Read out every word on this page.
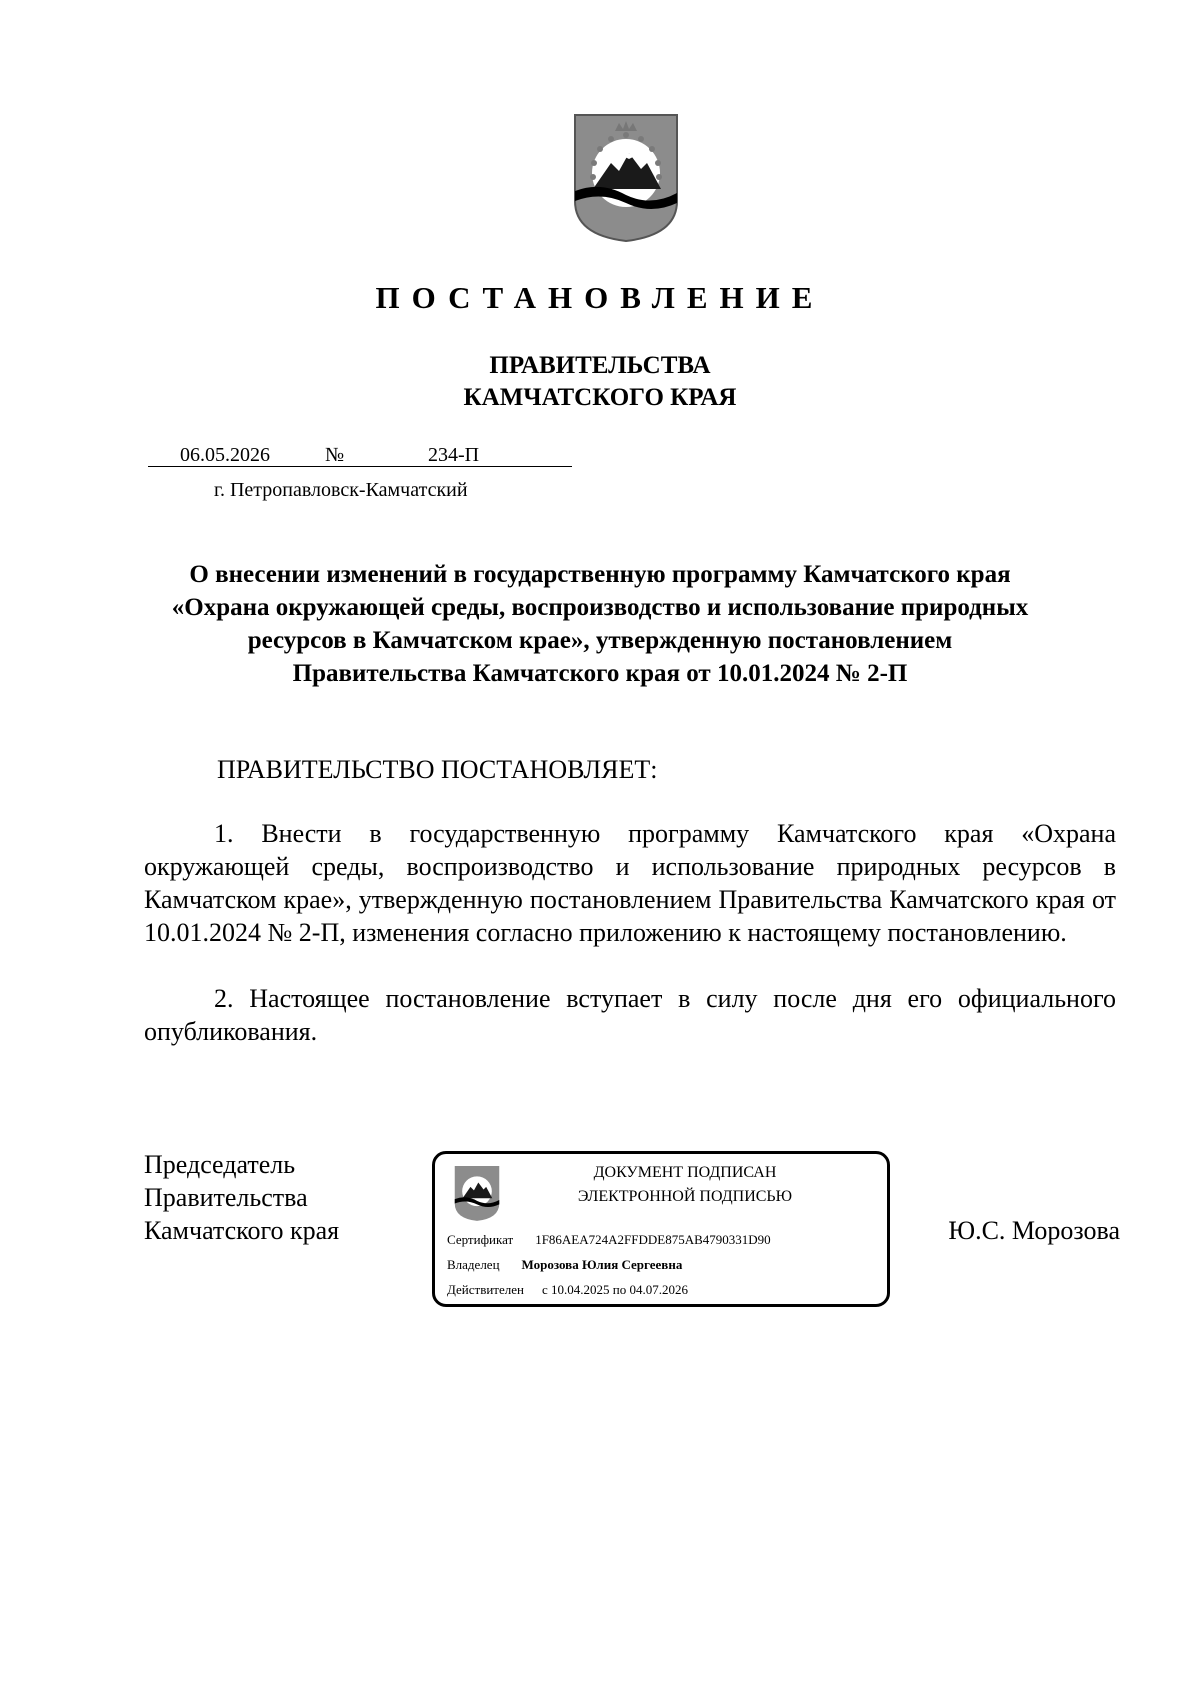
ПОСТАНОВЛЕНИЕ
ПРАВИТЕЛЬСТВА
КАМЧАТСКОГО КРАЯ
06.05.2026	№	234-П
г. Петропавловск-Камчатский
О внесении изменений в государственную программу Камчатского края
«Охрана окружающей среды, воспроизводство и использование природных
ресурсов в Камчатском крае», утвержденную постановлением
Правительства Камчатского края от 10.01.2024 № 2-П
ПРАВИТЕЛЬСТВО ПОСТАНОВЛЯЕТ:
1. Внести в государственную программу Камчатского края «Охрана окружающей среды, воспроизводство и использование природных ресурсов в Камчатском крае», утвержденную постановлением Правительства Камчатского края от 10.01.2024 № 2-П, изменения согласно приложению к настоящему постановлению.
2. Настоящее постановление вступает в силу после дня его официального опубликования.
Председатель
Правительства
Камчатского края
ДОКУМЕНТ ПОДПИСАН
ЭЛЕКТРОННОЙ ПОДПИСЬЮ
Сертификат 1F86AEA724A2FFDDE875AB4790331D90
Владелец Морозова Юлия Сергеевна
Действителен с 10.04.2025 по 04.07.2026
Ю.С. Морозова
